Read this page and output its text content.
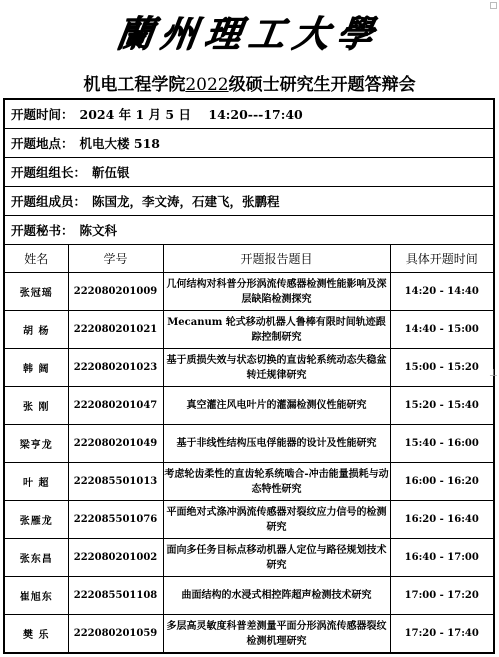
蘭州理工大學
机电工程学院2022级硕士研究生开题答辩会
开题时间： 2024 年 1 月 5 日    14:20---17:40
开题地点： 机电大楼 518
开题组组长： 靳伍银
开题组成员： 陈国龙，李文涛，石建飞，张鹏程
开题秘书： 陈文科
姓名	学号	开题报告题目	具体开题时间
张冠瑶	222080201009	几何结构对科普分形涡流传感器检测性能影响及深层缺陷检测探究	14:20 - 14:40
胡 杨	222080201021	Mecanum 轮式移动机器人鲁棒有限时间轨迹跟踪控制研究	14:40 - 15:00
韩 阔	222080201023	基于质损失效与状态切换的直齿轮系统动态失稳盆转迁规律研究	15:00 - 15:20
张 刚	222080201047	真空灌注风电叶片的灌漏检测仪性能研究	15:20 - 15:40
梁亨龙	222080201049	基于非线性结构压电俘能器的设计及性能研究	15:40 - 16:00
叶 超	222085501013	考虑轮齿柔性的直齿轮系统啮合-冲击能量损耗与动态特性研究	16:00 - 16:20
张雁龙	222085501076	平面绝对式涤冲涡流传感器对裂纹应力信号的检测研究	16:20 - 16:40
张东昌	222080201002	面向多任务目标点移动机器人定位与路径规划技术研究	16:40 - 17:00
崔旭东	222085501108	曲面结构的水浸式相控阵超声检测技术研究	17:00 - 17:20
樊 乐	222080201059	多层高灵敏度科普差测量平面分形涡流传感器裂纹检测机理研究	17:20 - 17:40
⊥
